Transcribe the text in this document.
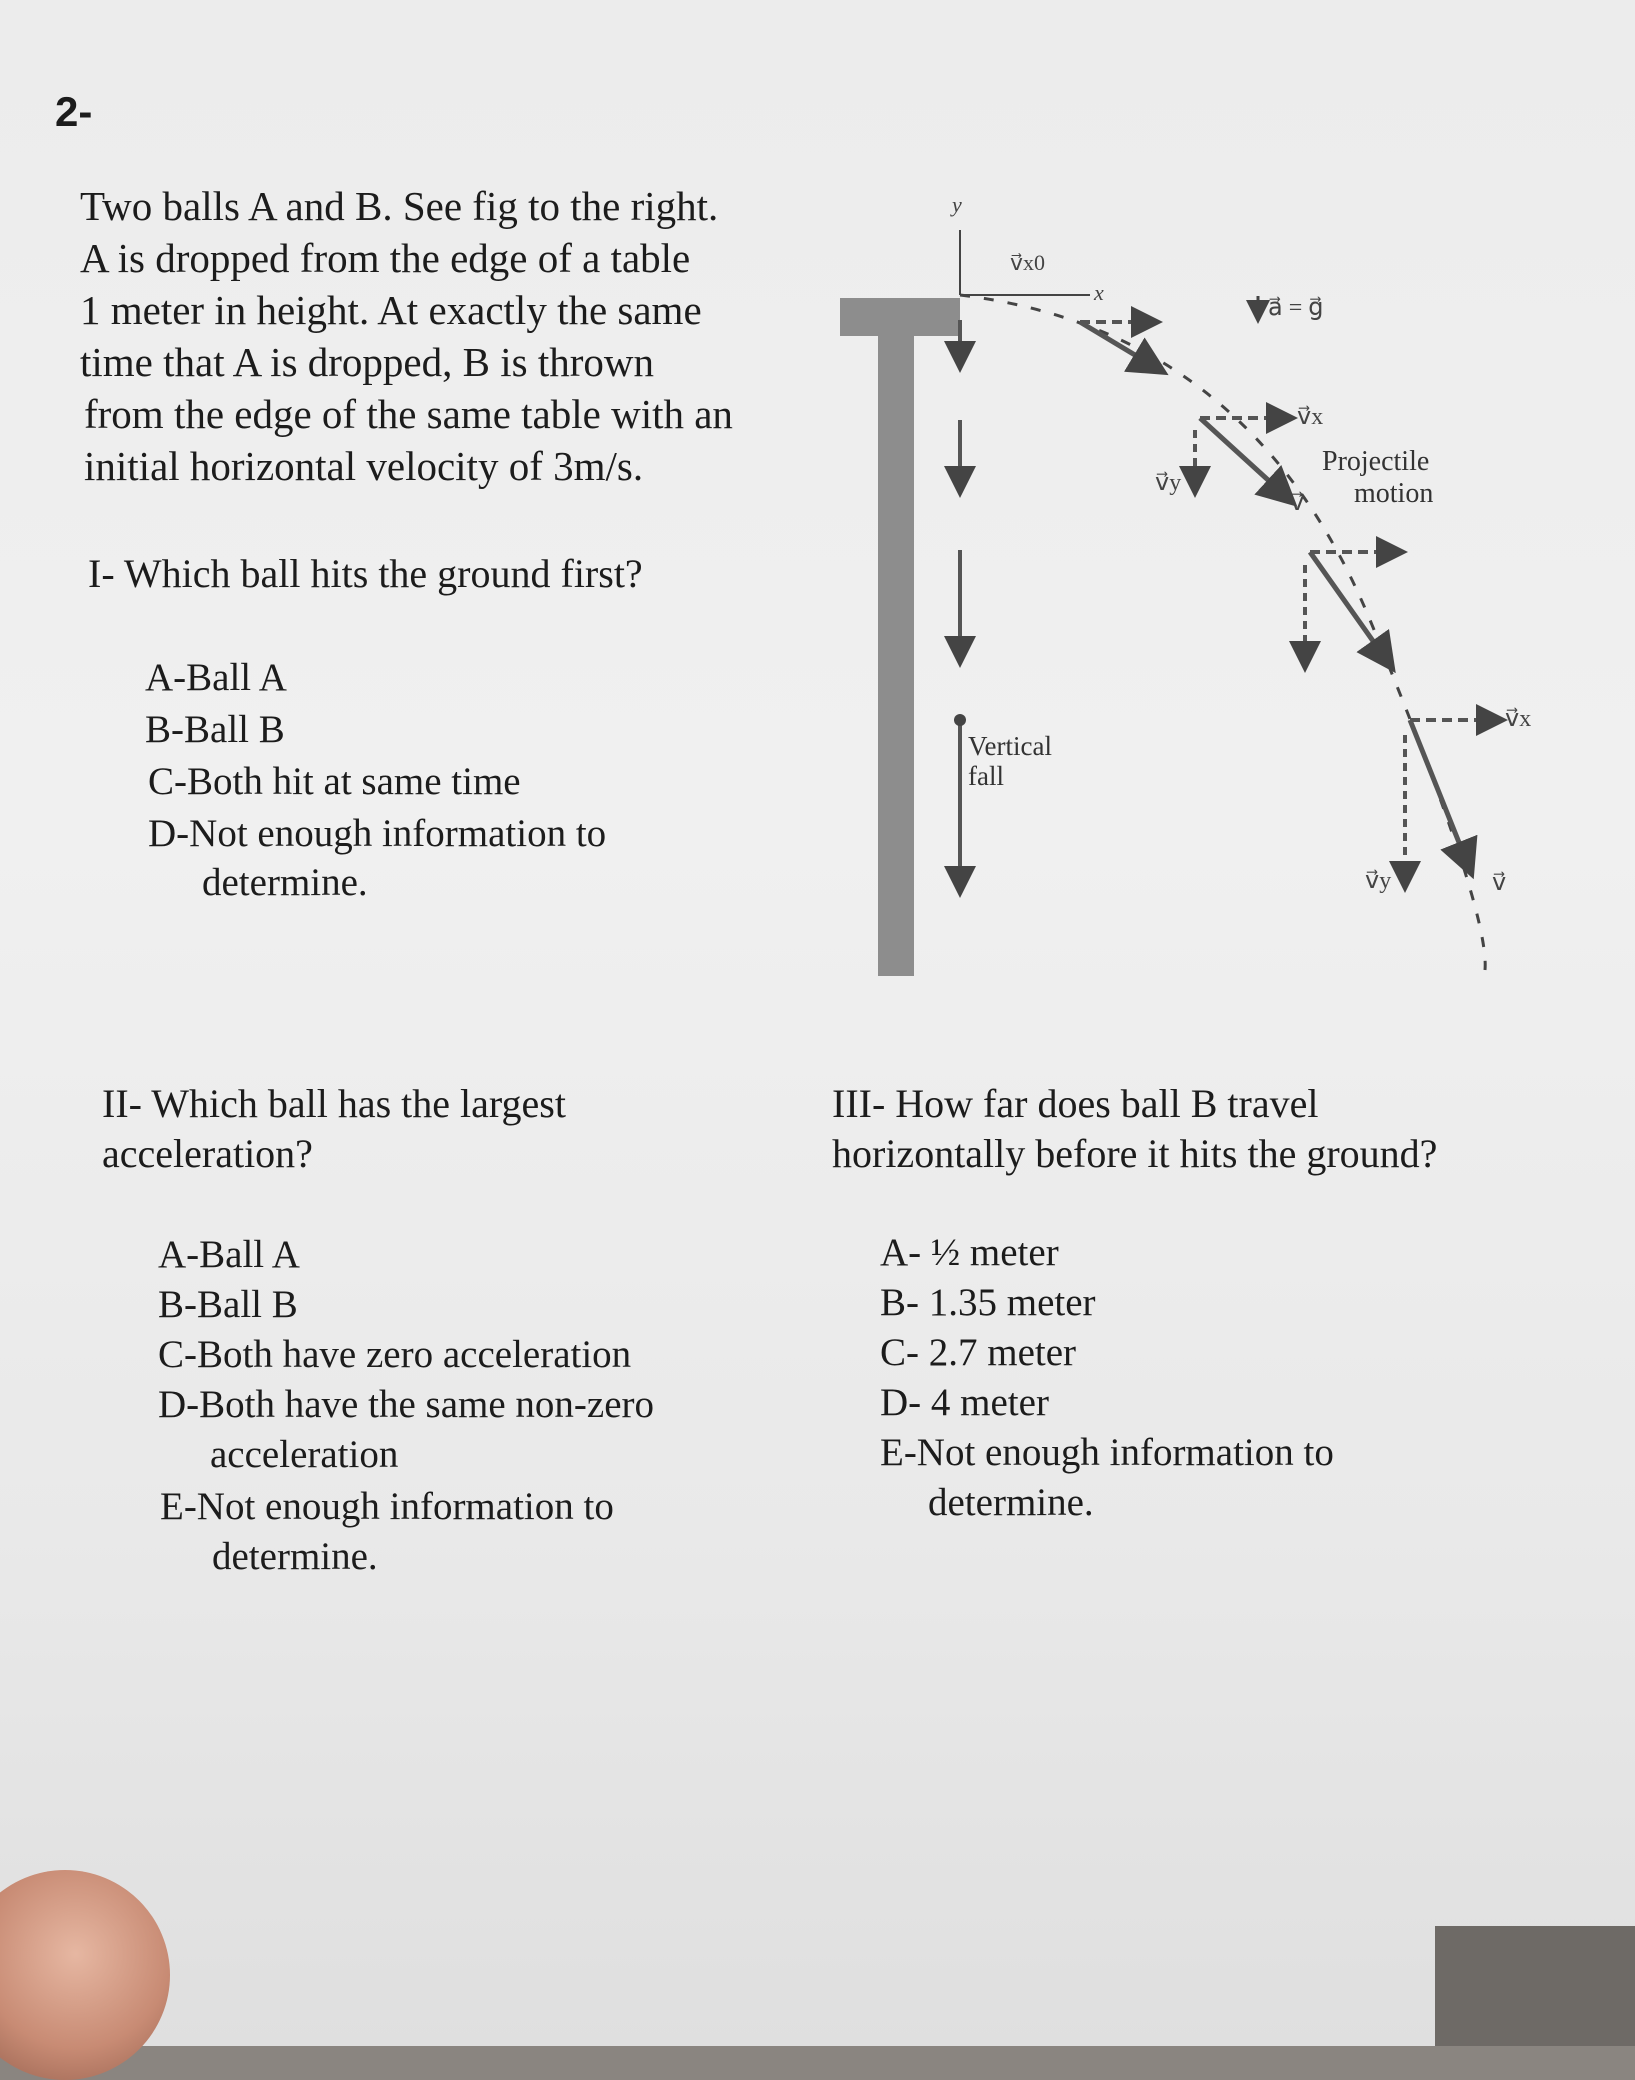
2-
Two balls A and B. See fig to the right.
A is dropped from the edge of a table
1 meter in height. At exactly the same
time that A is dropped, B is thrown
from the edge of the same table with an
initial horizontal velocity of 3m/s.
I- Which ball hits the ground first?
A-Ball A
B-Ball B
C-Both hit at same time
D-Not enough information to
determine.
II- Which ball has the largest
acceleration?
A-Ball A
B-Ball B
C-Both have zero acceleration
D-Both have the same non-zero
acceleration
E-Not enough information to
determine.
III- How far does ball B travel
horizontally before it hits the ground?
A- ½ meter
B- 1.35 meter
C- 2.7 meter
D- 4 meter
E-Not enough information to
determine.
y
x
v⃗x0
Vertical
fall
a⃗ = g⃗
v⃗x
v⃗x
v⃗y
v⃗y
v⃗
v⃗
Projectile
motion
